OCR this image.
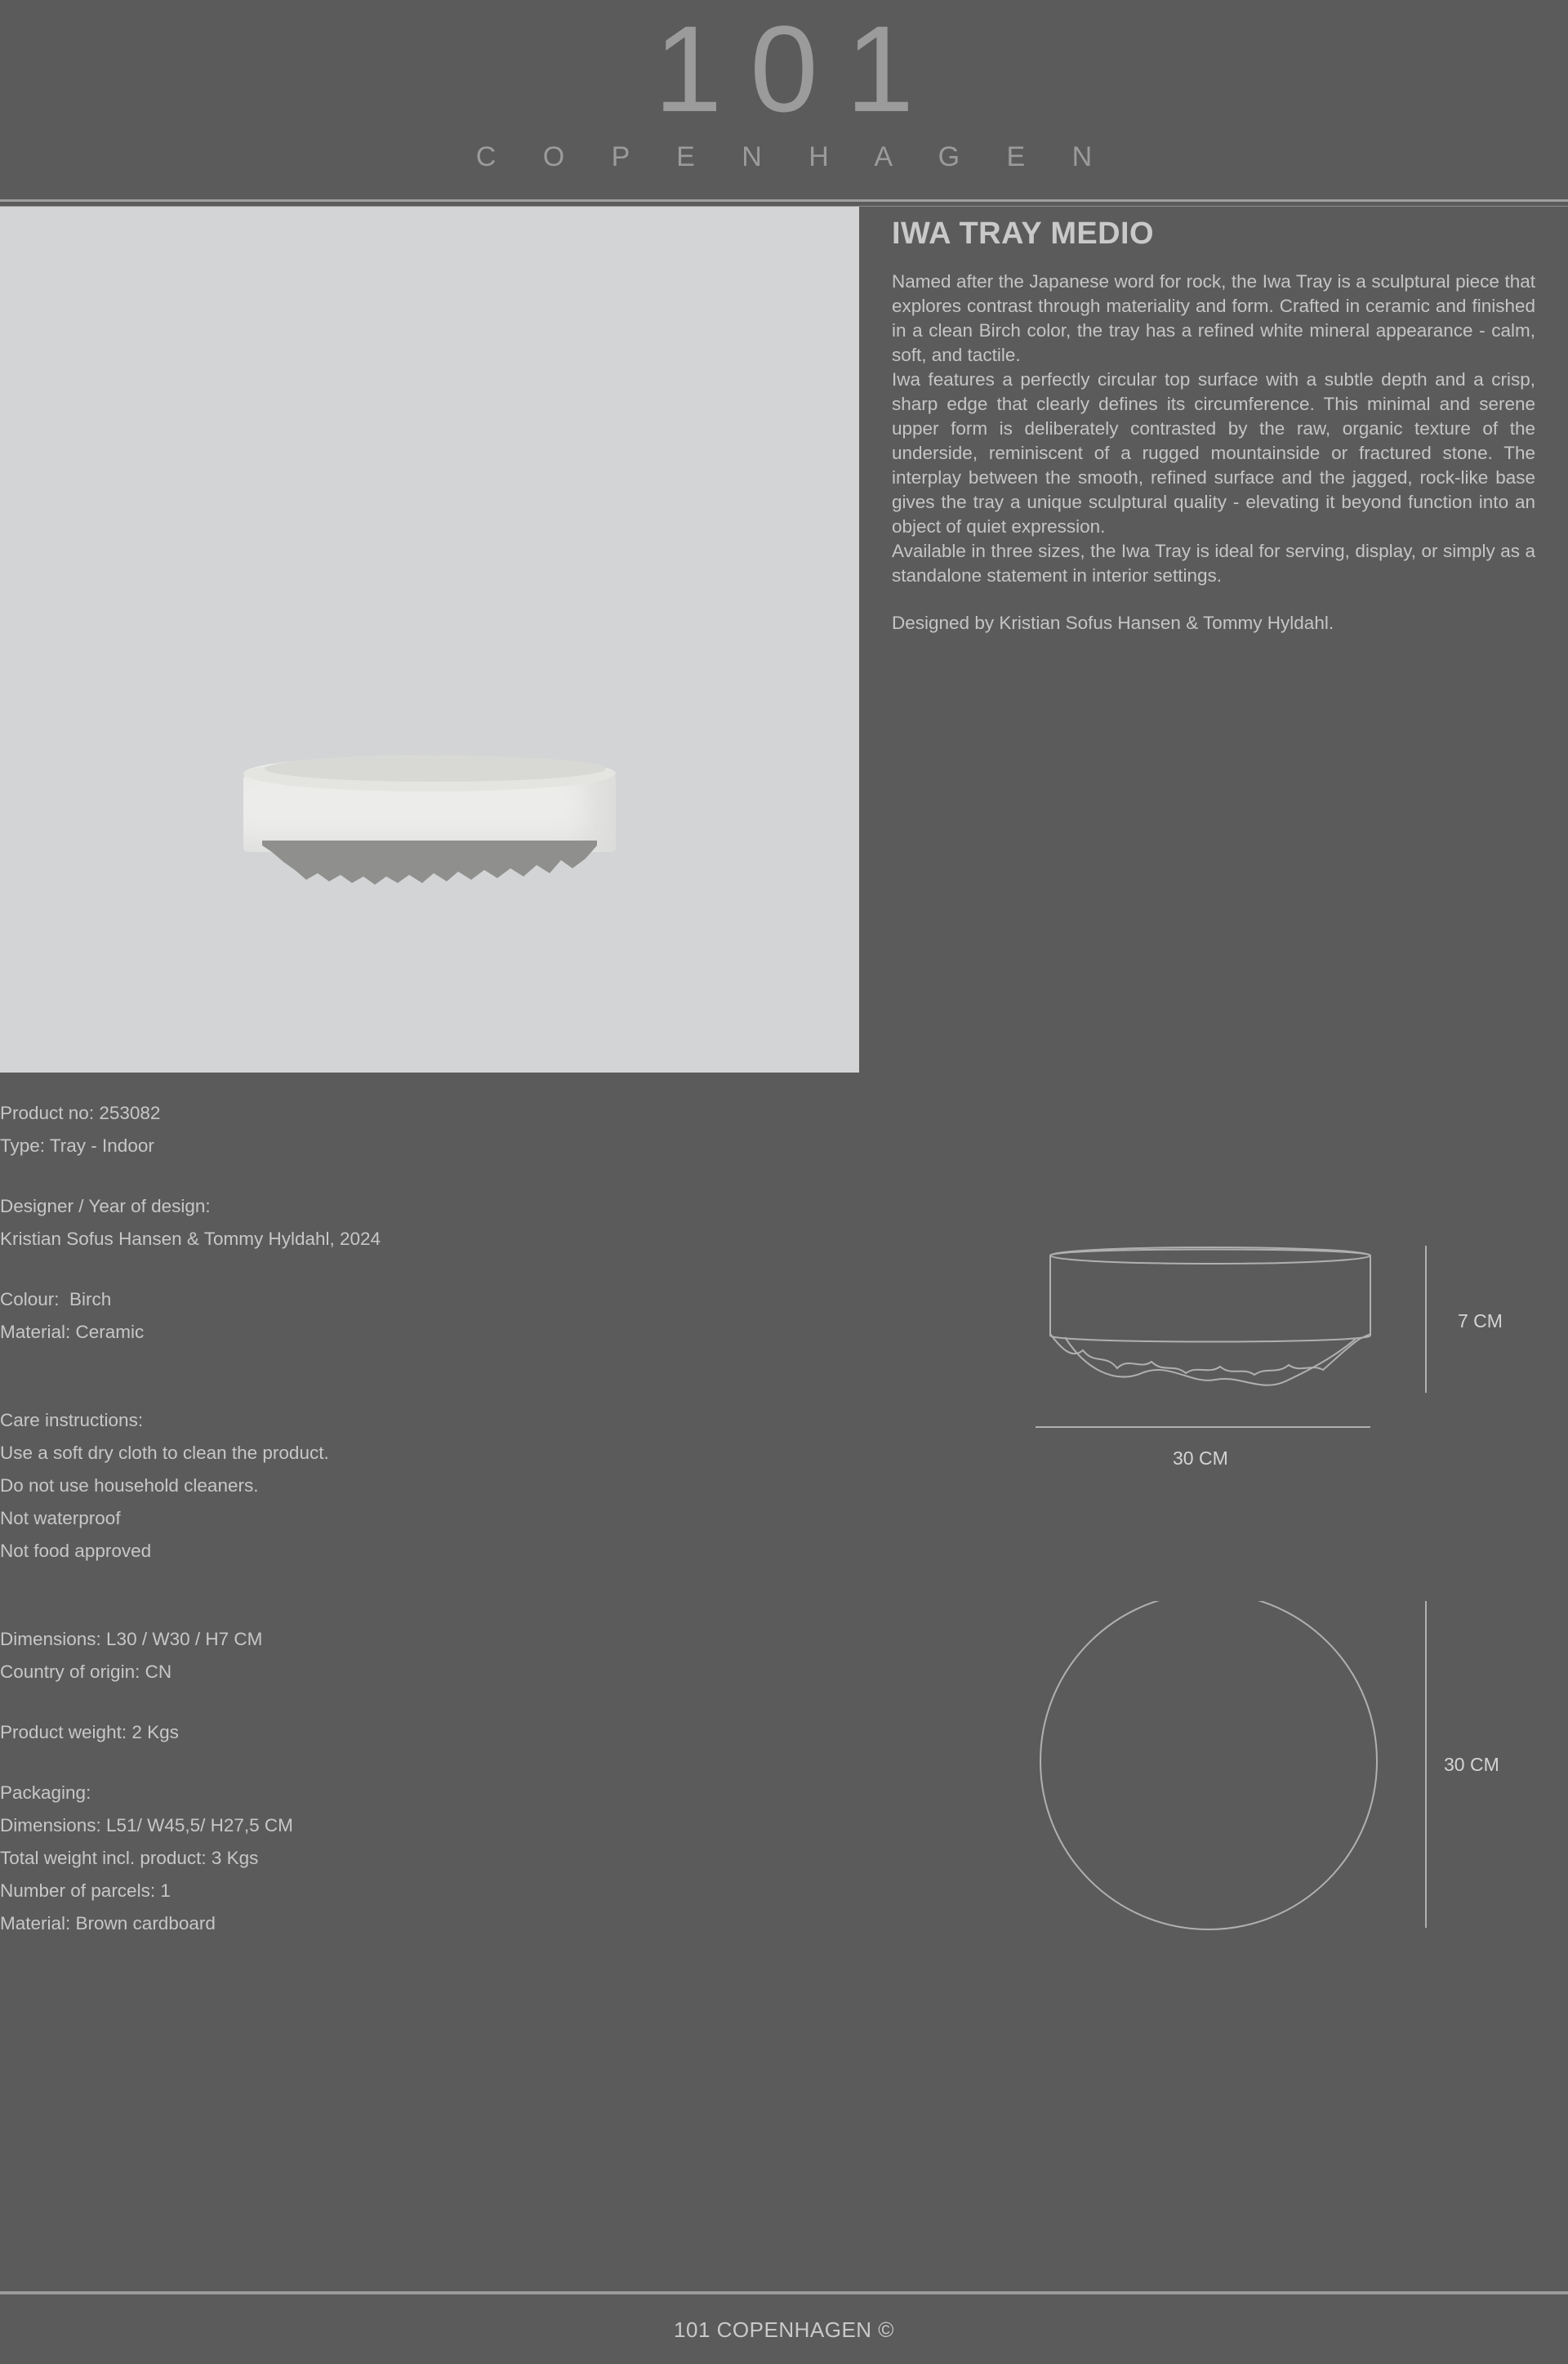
101
C O P E N H A G E N
IWA TRAY MEDIO

Named after the Japanese word for rock, the Iwa Tray is a sculptural piece that explores contrast through materiality and form. Crafted in ceramic and finished in a clean Birch color, the tray has a refined white mineral appearance - calm, soft, and tactile.

Iwa features a perfectly circular top surface with a subtle depth and a crisp, sharp edge that clearly defines its circumference. This minimal and serene upper form is deliberately contrasted by the raw, organic texture of the underside, reminiscent of a rugged mountainside or fractured stone. The interplay between the smooth, refined surface and the jagged, rock-like base gives the tray a unique sculptural quality - elevating it beyond function into an object of quiet expression.

Available in three sizes, the Iwa Tray is ideal for serving, display, or simply as a standalone statement in interior settings.

Designed by Kristian Sofus Hansen & Tommy Hyldahl.

Product no: 253082
Type: Tray - Indoor
Designer / Year of design:
Kristian Sofus Hansen & Tommy Hyldahl, 2024
Colour:  Birch
Material: Ceramic
Care instructions:
Use a soft dry cloth to clean the product.
Do not use household cleaners.
Not waterproof
Not food approved
Dimensions: L30 / W30 / H7 CM
Country of origin: CN
Product weight: 2 Kgs
Packaging:
Dimensions: L51/ W45,5/ H27,5 CM
Total weight incl. product: 3 Kgs
Number of parcels: 1
Material: Brown cardboard
7 CM
30 CM
30 CM
101 COPENHAGEN ©
